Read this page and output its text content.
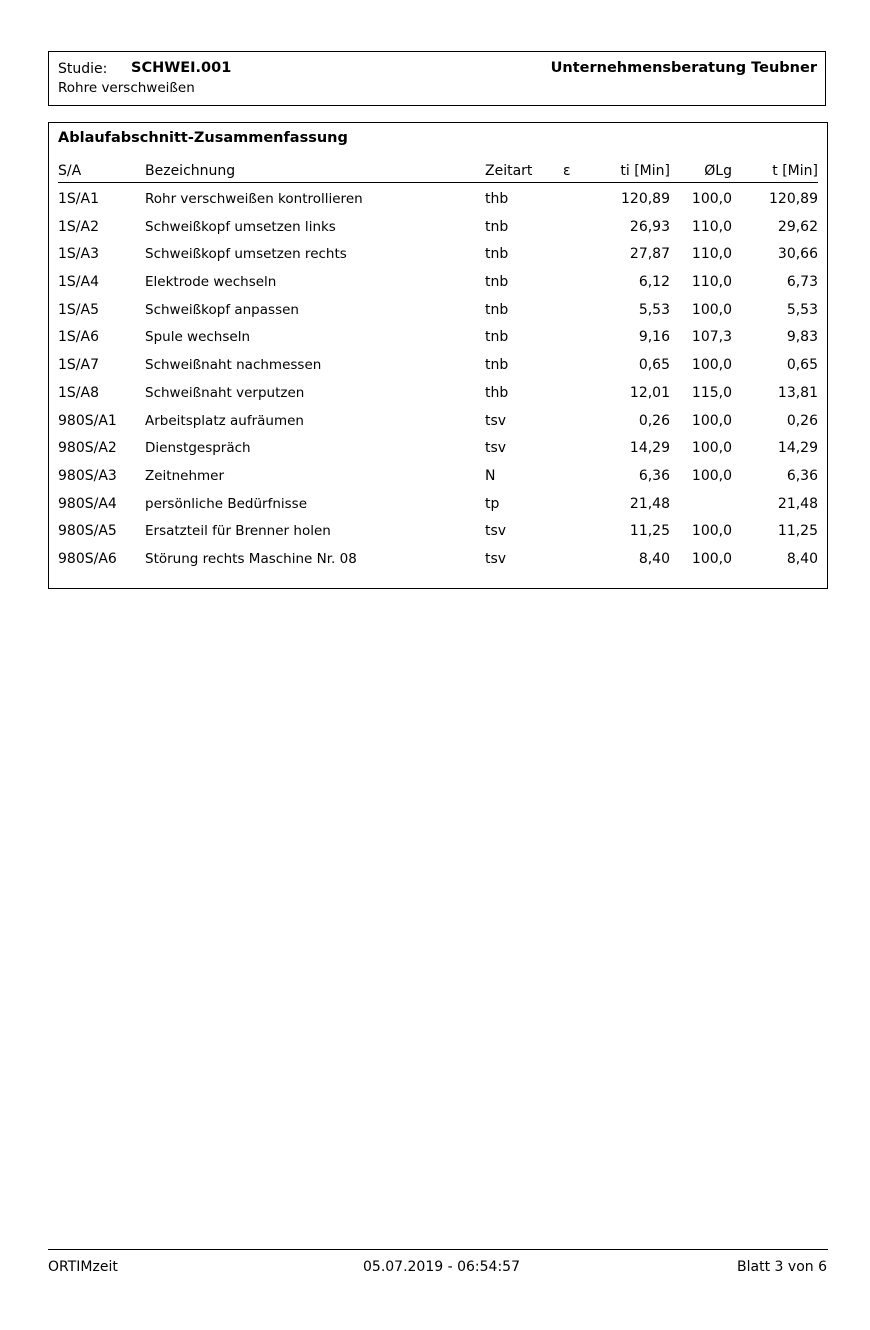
Studie: SCHWEI.001
Rohre verschweißen
Unternehmensberatung Teubner
Ablaufabschnitt-Zusammenfassung
S/A	Bezeichnung	Zeitart ε	ti [Min] ØLg	t [Min]
1S/A1	Rohr verschweißen kontrollieren	thb	120,89 100,0	120,89
1S/A2	Schweißkopf umsetzen links	tnb	26,93 110,0	29,62
1S/A3	Schweißkopf umsetzen rechts	tnb	27,87 110,0	30,66
1S/A4	Elektrode wechseln	tnb	6,12 110,0	6,73
1S/A5	Schweißkopf anpassen	tnb	5,53 100,0	5,53
1S/A6	Spule wechseln	tnb	9,16 107,3	9,83
1S/A7	Schweißnaht nachmessen	tnb	0,65 100,0	0,65
1S/A8	Schweißnaht verputzen	thb	12,01 115,0	13,81
980S/A1 Arbeitsplatz aufräumen	tsv	0,26 100,0	0,26
980S/A2 Dienstgespräch	tsv	14,29 100,0	14,29
980S/A3 Zeitnehmer	N	6,36 100,0	6,36
980S/A4 persönliche Bedürfnisse	tp	21,48	21,48
980S/A5 Ersatzteil für Brenner holen	tsv	11,25 100,0	11,25
980S/A6 Störung rechts Maschine Nr. 08	tsv	8,40 100,0	8,40
ORTIMzeit	05.07.2019 - 06:54:57	Blatt 3 von 6
